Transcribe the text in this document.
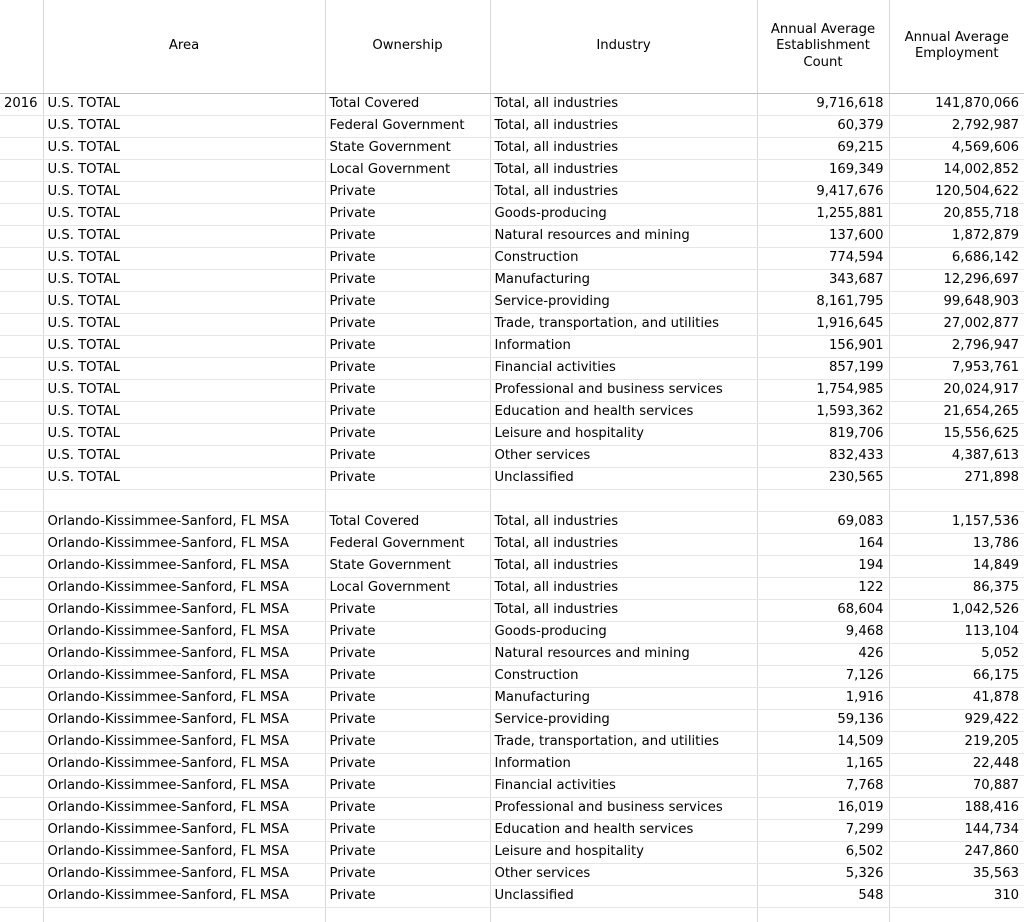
	Area	Ownership	Industry	Annual Average Establishment Count	Annual Average Employment
2016	U.S. TOTAL	Total Covered	Total, all industries	9,716,618	141,870,066
	U.S. TOTAL	Federal Government	Total, all industries	60,379	2,792,987
	U.S. TOTAL	State Government	Total, all industries	69,215	4,569,606
	U.S. TOTAL	Local Government	Total, all industries	169,349	14,002,852
	U.S. TOTAL	Private	Total, all industries	9,417,676	120,504,622
	U.S. TOTAL	Private	Goods-producing	1,255,881	20,855,718
	U.S. TOTAL	Private	Natural resources and mining	137,600	1,872,879
	U.S. TOTAL	Private	Construction	774,594	6,686,142
	U.S. TOTAL	Private	Manufacturing	343,687	12,296,697
	U.S. TOTAL	Private	Service-providing	8,161,795	99,648,903
	U.S. TOTAL	Private	Trade, transportation, and utilities	1,916,645	27,002,877
	U.S. TOTAL	Private	Information	156,901	2,796,947
	U.S. TOTAL	Private	Financial activities	857,199	7,953,761
	U.S. TOTAL	Private	Professional and business services	1,754,985	20,024,917
	U.S. TOTAL	Private	Education and health services	1,593,362	21,654,265
	U.S. TOTAL	Private	Leisure and hospitality	819,706	15,556,625
	U.S. TOTAL	Private	Other services	832,433	4,387,613
	U.S. TOTAL	Private	Unclassified	230,565	271,898

	Orlando-Kissimmee-Sanford, FL MSA	Total Covered	Total, all industries	69,083	1,157,536
	Orlando-Kissimmee-Sanford, FL MSA	Federal Government	Total, all industries	164	13,786
	Orlando-Kissimmee-Sanford, FL MSA	State Government	Total, all industries	194	14,849
	Orlando-Kissimmee-Sanford, FL MSA	Local Government	Total, all industries	122	86,375
	Orlando-Kissimmee-Sanford, FL MSA	Private	Total, all industries	68,604	1,042,526
	Orlando-Kissimmee-Sanford, FL MSA	Private	Goods-producing	9,468	113,104
	Orlando-Kissimmee-Sanford, FL MSA	Private	Natural resources and mining	426	5,052
	Orlando-Kissimmee-Sanford, FL MSA	Private	Construction	7,126	66,175
	Orlando-Kissimmee-Sanford, FL MSA	Private	Manufacturing	1,916	41,878
	Orlando-Kissimmee-Sanford, FL MSA	Private	Service-providing	59,136	929,422
	Orlando-Kissimmee-Sanford, FL MSA	Private	Trade, transportation, and utilities	14,509	219,205
	Orlando-Kissimmee-Sanford, FL MSA	Private	Information	1,165	22,448
	Orlando-Kissimmee-Sanford, FL MSA	Private	Financial activities	7,768	70,887
	Orlando-Kissimmee-Sanford, FL MSA	Private	Professional and business services	16,019	188,416
	Orlando-Kissimmee-Sanford, FL MSA	Private	Education and health services	7,299	144,734
	Orlando-Kissimmee-Sanford, FL MSA	Private	Leisure and hospitality	6,502	247,860
	Orlando-Kissimmee-Sanford, FL MSA	Private	Other services	5,326	35,563
	Orlando-Kissimmee-Sanford, FL MSA	Private	Unclassified	548	310
